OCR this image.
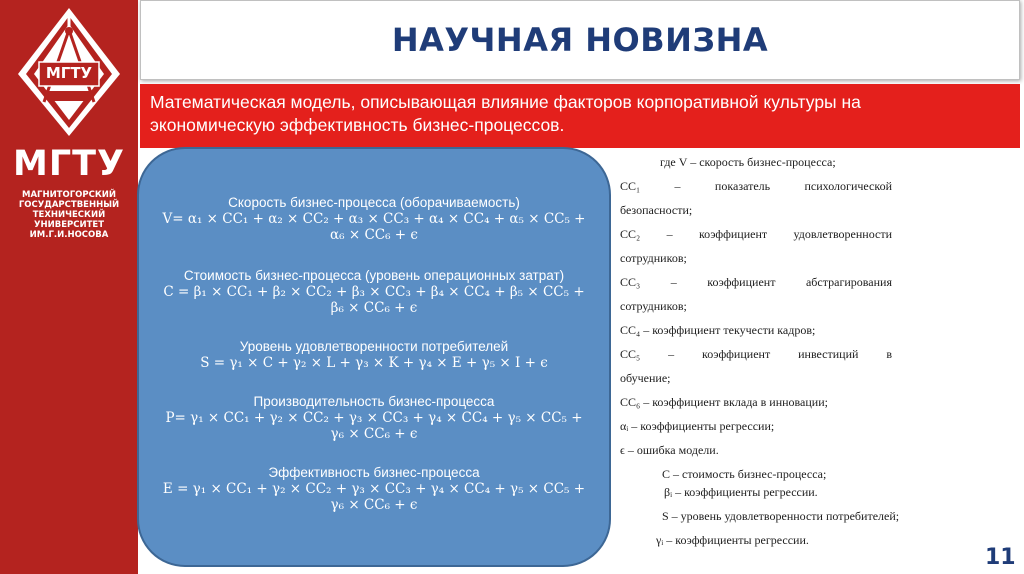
МГТУ
МГТУ
МАГНИТОГОРСКИЙ
ГОСУДАРСТВЕННЫЙ
ТЕХНИЧЕСКИЙ
УНИВЕРСИТЕТ
ИМ.Г.И.НОСОВА
НАУЧНАЯ НОВИЗНА
Математическая модель, описывающая влияние факторов корпоративной культуры на
экономическую эффективность бизнес-процессов.
Скорость бизнес-процесса (оборачиваемость)
V= α₁ × CC₁ + α₂ × CC₂ + α₃ × CC₃ + α₄ × CC₄ + α₅ × CC₅ +
α₆ × CC₆ + ϵ
Стоимость бизнес-процесса (уровень операционных затрат)
C = β₁ × CC₁ + β₂ × CC₂ + β₃ × CC₃ + β₄ × CC₄ + β₅ × CC₅ +
β₆ × CC₆ + ϵ
Уровень удовлетворенности потребителей
S = γ₁ × C + γ₂ × L + γ₃ × K + γ₄ × E + γ₅ × I + ϵ
Производительность бизнес-процесса
P= γ₁ × CC₁ + γ₂ × CC₂ + γ₃ × CC₃ + γ₄ × CC₄ + γ₅ × CC₅ +
γ₆ × CC₆ + ϵ
Эффективность бизнес-процесса
E = γ₁ × CC₁ + γ₂ × CC₂ + γ₃ × CC₃ + γ₄ × CC₄ + γ₅ × CC₅ +
γ₆ × CC₆ + ϵ
где V – скорость бизнес-процесса;
CC₁ – показатель психологической
безопасности;
CC₂ – коэффициент удовлетворенности
сотрудников;
CC₃ – коэффициент абстрагирования
сотрудников;
CC₄ – коэффициент текучести кадров;
CC₅ – коэффициент инвестиций в
обучение;
CC₆ – коэффициент вклада в инновации;
αᵢ – коэффициенты регрессии;
ϵ – ошибка модели.
C – стоимость бизнес-процесса;
βᵢ – коэффициенты регрессии.
S – уровень удовлетворенности потребителей;
γᵢ – коэффициенты регрессии.
11
